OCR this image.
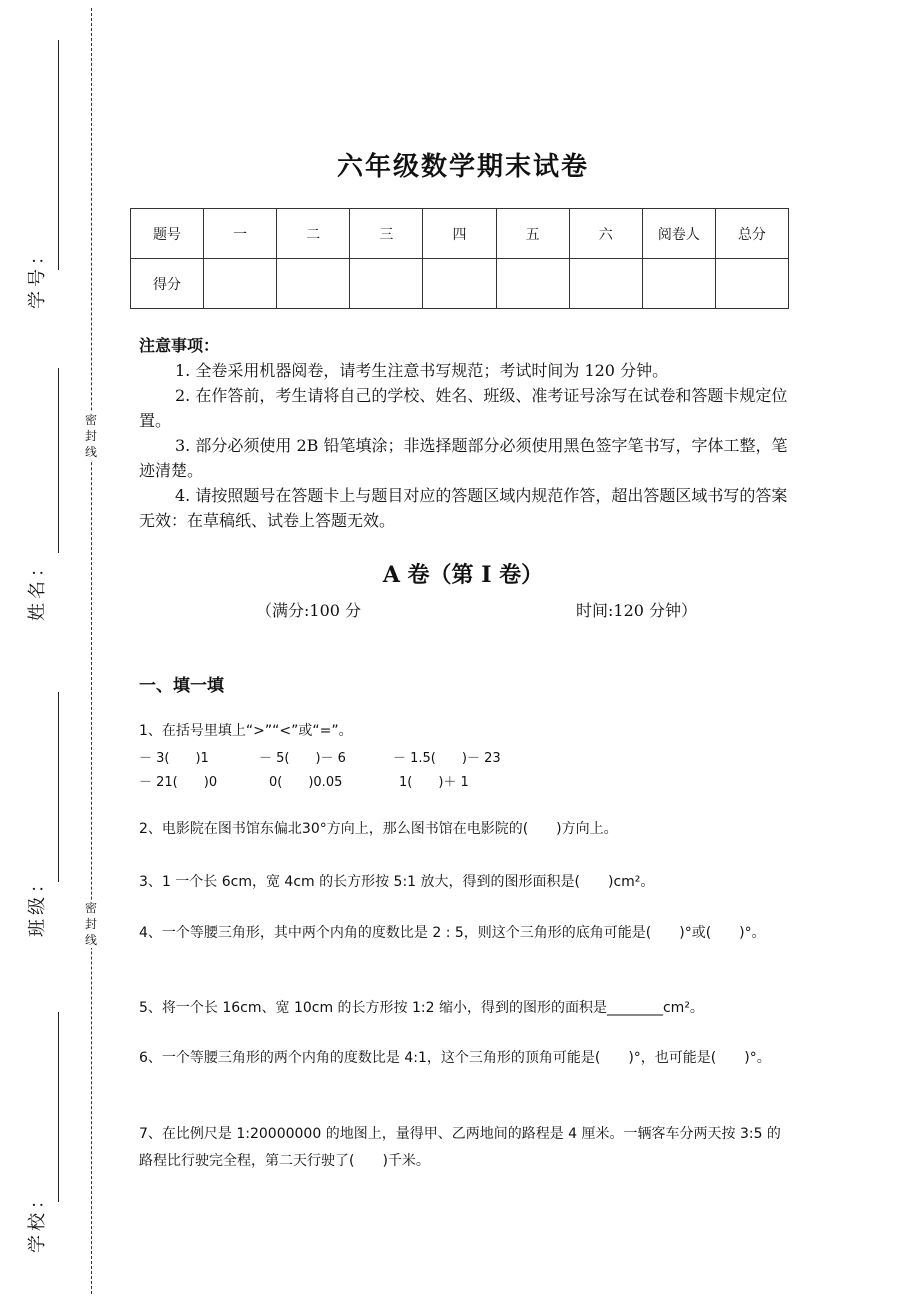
学号：
姓名：
班级：
学校：
密
封
线
密
封
线
六年级数学期末试卷
题号	一	二	三	四	五	六	阅卷人	总分
得分								
注意事项：
1. 全卷采用机器阅卷，请考生注意书写规范；考试时间为 120 分钟。
2. 在作答前，考生请将自己的学校、姓名、班级、准考证号涂写在试卷和答题卡规定位置。
3. 部分必须使用 2B 铅笔填涂；非选择题部分必须使用黑色签字笔书写，字体工整，笔迹清楚。
4. 请按照题号在答题卡上与题目对应的答题区域内规范作答，超出答题区域书写的答案无效：在草稿纸、试卷上答题无效。
A 卷（第 I 卷）
（满分:100 分	时间:120 分钟）
一、填一填
1、在括号里填上“>”“<”或“=”。
－ 3(　　)1	－ 5(　　)－ 6	－ 1.5(　　)－ 23
－ 21(　　)0	0(　　)0.05	1(　　)＋ 1
2、电影院在图书馆东偏北30°方向上，那么图书馆在电影院的(　　)方向上。
3、1 一个长 6cm，宽 4cm 的长方形按 5:1 放大，得到的图形面积是(　　)cm²。
4、一个等腰三角形，其中两个内角的度数比是 2 : 5，则这个三角形的底角可能是(　　)°或(　　)°。
5、将一个长 16cm、宽 10cm 的长方形按 1:2 缩小，得到的图形的面积是________cm²。
6、一个等腰三角形的两个内角的度数比是 4:1，这个三角形的顶角可能是(　　)°，也可能是(　　)°。
7、在比例尺是 1:20000000 的地图上，量得甲、乙两地间的路程是 4 厘米。一辆客车分两天按 3:5 的路程比行驶完全程，第二天行驶了(　　)千米。
